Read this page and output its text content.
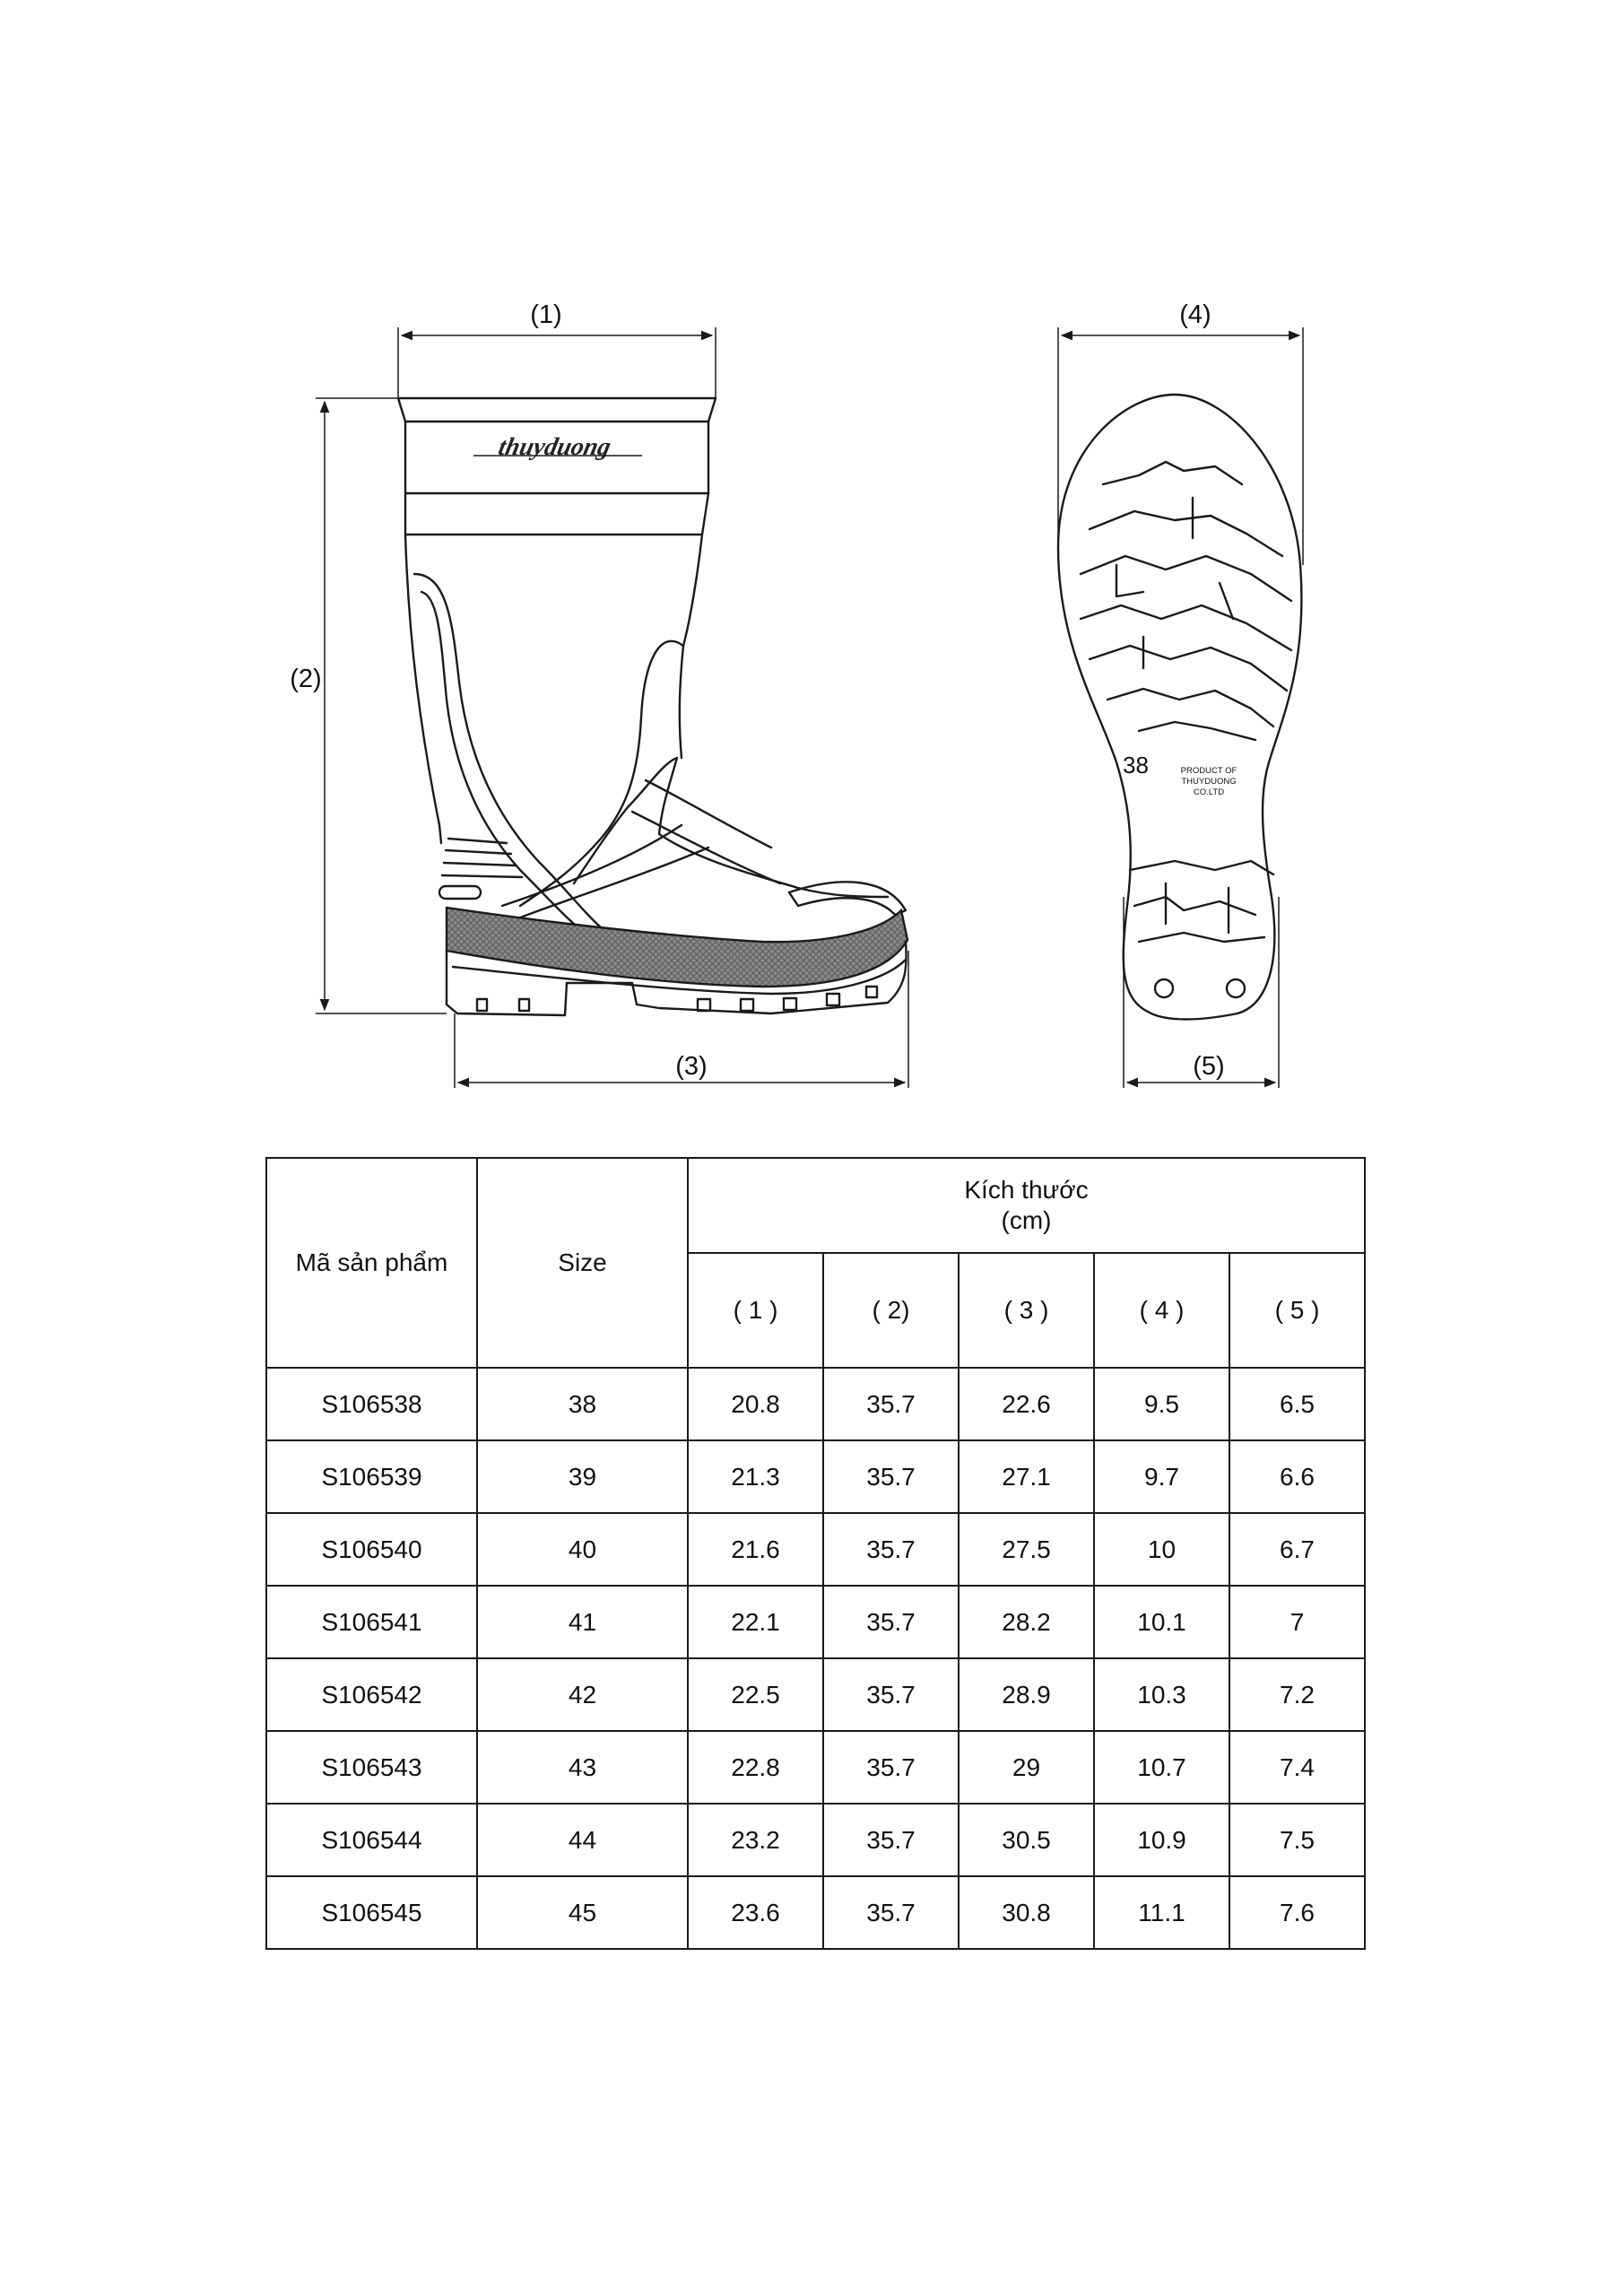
thuyduong
38	PRODUCT OF
THUYDUONG
CO.LTD
(1)
(2)
(3)
(4)
(5)
Mã sản phẩm	Size	Kích thước
(cm)				

		( 1 )	( 2)	( 3 )	( 4 )	( 5 )
S106538	38	20.8	35.7	22.6	9.5	6.5
S106539	39	21.3	35.7	27.1	9.7	6.6
S106540	40	21.6	35.7	27.5	10	6.7
S106541	41	22.1	35.7	28.2	10.1	7
S106542	42	22.5	35.7	28.9	10.3	7.2
S106543	43	22.8	35.7	29	10.7	7.4
S106544	44	23.2	35.7	30.5	10.9	7.5
S106545	45	23.6	35.7	30.8	11.1	7.6
